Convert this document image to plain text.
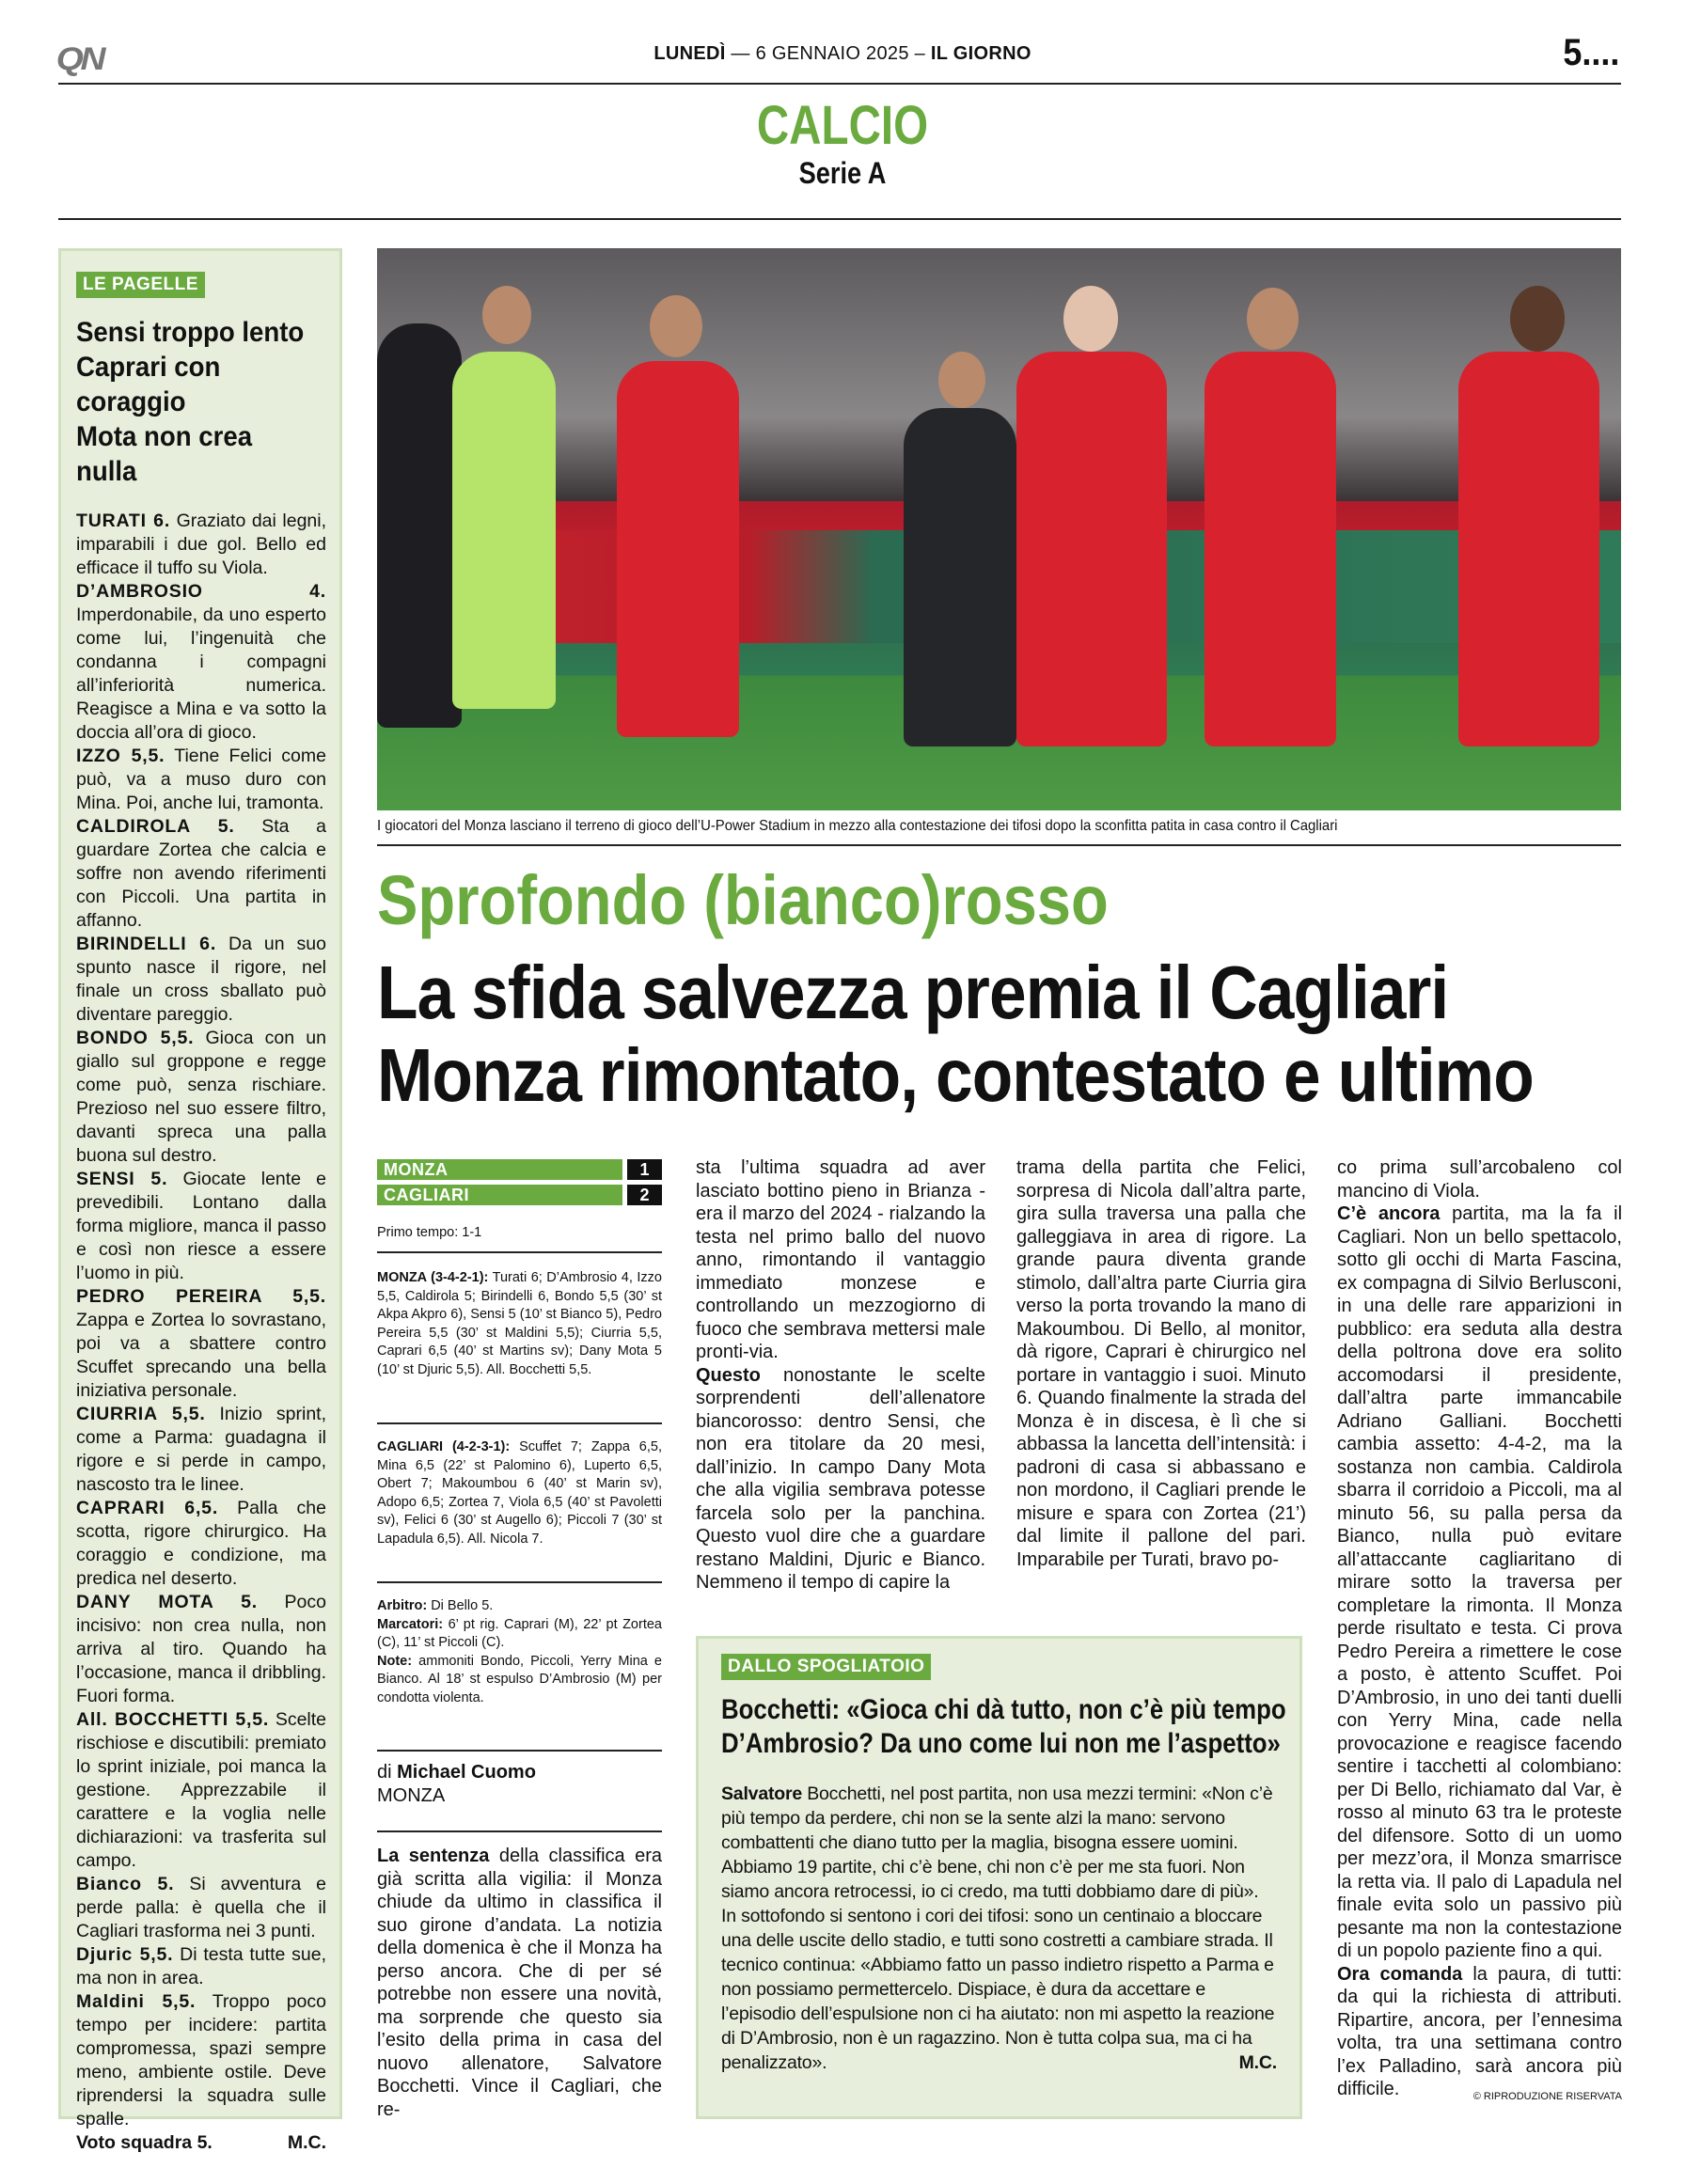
QN	LUNEDÌ — 6 GENNAIO 2025 – IL GIORNO	5....
CALCIO
Serie A
LE PAGELLE
Sensi troppo lento
Caprari con coraggio
Mota non crea nulla
TURATI 6. Graziato dai legni, imparabili i due gol. Bello ed efficace il tuffo su Viola.
D’AMBROSIO 4. Imperdonabile, da uno esperto come lui, l’ingenuità che condanna i compagni all’inferiorità numerica. Reagisce a Mina e va sotto la doccia all’ora di gioco.
IZZO 5,5. Tiene Felici come può, va a muso duro con Mina. Poi, anche lui, tramonta.
CALDIROLA 5. Sta a guardare Zortea che calcia e soffre non avendo riferimenti con Piccoli. Una partita in affanno.
BIRINDELLI 6. Da un suo spunto nasce il rigore, nel finale un cross sballato può diventare pareggio.
BONDO 5,5. Gioca con un giallo sul groppone e regge come può, senza rischiare. Prezioso nel suo essere filtro, davanti spreca una palla buona sul destro.
SENSI 5. Giocate lente e prevedibili. Lontano dalla forma migliore, manca il passo e così non riesce a essere l’uomo in più.
PEDRO PEREIRA 5,5. Zappa e Zortea lo sovrastano, poi va a sbattere contro Scuffet sprecando una bella iniziativa personale.
CIURRIA 5,5. Inizio sprint, come a Parma: guadagna il rigore e si perde in campo, nascosto tra le linee.
CAPRARI 6,5. Palla che scotta, rigore chirurgico. Ha coraggio e condizione, ma predica nel deserto.
DANY MOTA 5. Poco incisivo: non crea nulla, non arriva al tiro. Quando ha l’occasione, manca il dribbling. Fuori forma.
All. BOCCHETTI 5,5. Scelte rischiose e discutibili: premiato lo sprint iniziale, poi manca la gestione. Apprezzabile il carattere e la voglia nelle dichiarazioni: va trasferita sul campo.
Bianco 5. Si avventura e perde palla: è quella che il Cagliari trasforma nei 3 punti.
Djuric 5,5. Di testa tutte sue, ma non in area.
Maldini 5,5. Troppo poco tempo per incidere: partita compromessa, spazi sempre meno, ambiente ostile. Deve riprendersi la squadra sulle spalle.
Voto squadra 5.	M.C.
I giocatori del Monza lasciano il terreno di gioco dell’U-Power Stadium in mezzo alla contestazione dei tifosi dopo la sconfitta patita in casa contro il Cagliari
Sprofondo (bianco)rosso
La sfida salvezza premia il Cagliari
Monza rimontato, contestato e ultimo
MONZA	1
CAGLIARI	2
Primo tempo: 1-1
MONZA (3-4-2-1): Turati 6; D’Ambrosio 4, Izzo 5,5, Caldirola 5; Birindelli 6, Bondo 5,5 (30’ st Akpa Akpro 6), Sensi 5 (10’ st Bianco 5), Pedro Pereira 5,5 (30’ st Maldini 5,5); Ciurria 5,5, Caprari 6,5 (40’ st Martins sv); Dany Mota 5 (10’ st Djuric 5,5). All. Bocchetti 5,5.
CAGLIARI (4-2-3-1): Scuffet 7; Zappa 6,5, Mina 6,5 (22’ st Palomino 6), Luperto 6,5, Obert 7; Makoumbou 6 (40’ st Marin sv), Adopo 6,5; Zortea 7, Viola 6,5 (40’ st Pavoletti sv), Felici 6 (30’ st Augello 6); Piccoli 7 (30’ st Lapadula 6,5). All. Nicola 7.
Arbitro: Di Bello 5.
Marcatori: 6’ pt rig. Caprari (M), 22’ pt Zortea (C), 11’ st Piccoli (C).
Note: ammoniti Bondo, Piccoli, Yerry Mina e Bianco. Al 18’ st espulso D’Ambrosio (M) per condotta violenta.
di Michael Cuomo
MONZA
La sentenza della classifica era già scritta alla vigilia: il Monza chiude da ultimo in classifica il suo girone d’andata. La notizia della domenica è che il Monza ha perso ancora. Che di per sé potrebbe non essere una novità, ma sorprende che questo sia l’esito della prima in casa del nuovo allenatore, Salvatore Bocchetti. Vince il Cagliari, che re-
sta l’ultima squadra ad aver lasciato bottino pieno in Brianza - era il marzo del 2024 - rialzando la testa nel primo ballo del nuovo anno, rimontando il vantaggio immediato monzese e controllando un mezzogiorno di fuoco che sembrava mettersi male pronti-via.
Questo nonostante le scelte sorprendenti dell’allenatore biancorosso: dentro Sensi, che non era titolare da 20 mesi, dall’inizio. In campo Dany Mota che alla vigilia sembrava potesse farcela solo per la panchina. Questo vuol dire che a guardare restano Maldini, Djuric e Bianco. Nemmeno il tempo di capire la
trama della partita che Felici, sorpresa di Nicola dall’altra parte, gira sulla traversa una palla che galleggiava in area di rigore. La grande paura diventa grande stimolo, dall’altra parte Ciurria gira verso la porta trovando la mano di Makoumbou. Di Bello, al monitor, dà rigore, Caprari è chirurgico nel portare in vantaggio i suoi. Minuto 6. Quando finalmente la strada del Monza è in discesa, è lì che si abbassa la lancetta dell’intensità: i padroni di casa si abbassano e non mordono, il Cagliari prende le misure e spara con Zortea (21’) dal limite il pallone del pari. Imparabile per Turati, bravo po-
co prima sull’arcobaleno col mancino di Viola.
C’è ancora partita, ma la fa il Cagliari. Non un bello spettacolo, sotto gli occhi di Marta Fascina, ex compagna di Silvio Berlusconi, in una delle rare apparizioni in pubblico: era seduta alla destra della poltrona dove era solito accomodarsi il presidente, dall’altra parte immancabile Adriano Galliani. Bocchetti cambia assetto: 4-4-2, ma la sostanza non cambia. Caldirola sbarra il corridoio a Piccoli, ma al minuto 56, su palla persa da Bianco, nulla può evitare all’attaccante cagliaritano di mirare sotto la traversa per completare la rimonta. Il Monza perde risultato e testa. Ci prova Pedro Pereira a rimettere le cose a posto, è attento Scuffet. Poi D’Ambrosio, in uno dei tanti duelli con Yerry Mina, cade nella provocazione e reagisce facendo sentire i tacchetti al colombiano: per Di Bello, richiamato dal Var, è rosso al minuto 63 tra le proteste del difensore. Sotto di un uomo per mezz’ora, il Monza smarrisce la retta via. Il palo di Lapadula nel finale evita solo un passivo più pesante ma non la contestazione di un popolo paziente fino a qui.
Ora comanda la paura, di tutti: da qui la richiesta di attributi. Ripartire, ancora, per l’ennesima volta, tra una settimana contro l’ex Palladino, sarà ancora più difficile.	© RIPRODUZIONE RISERVATA
DALLO SPOGLIATOIO
Bocchetti: «Gioca chi dà tutto, non c’è più tempo
D’Ambrosio? Da uno come lui non me l’aspetto»
Salvatore Bocchetti, nel post partita, non usa mezzi termini: «Non c’è più tempo da perdere, chi non se la sente alzi la mano: servono combattenti che diano tutto per la maglia, bisogna essere uomini. Abbiamo 19 partite, chi c’è bene, chi non c’è per me sta fuori. Non siamo ancora retrocessi, io ci credo, ma tutti dobbiamo dare di più». In sottofondo si sentono i cori dei tifosi: sono un centinaio a bloccare una delle uscite dello stadio, e tutti sono costretti a cambiare strada. Il tecnico continua: «Abbiamo fatto un passo indietro rispetto a Parma e non possiamo permettercelo. Dispiace, è dura da accettare e l’episodio dell’espulsione non ci ha aiutato: non mi aspetto la reazione di D’Ambrosio, non è un ragazzino. Non è tutta colpa sua, ma ci ha penalizzato».	M.C.
